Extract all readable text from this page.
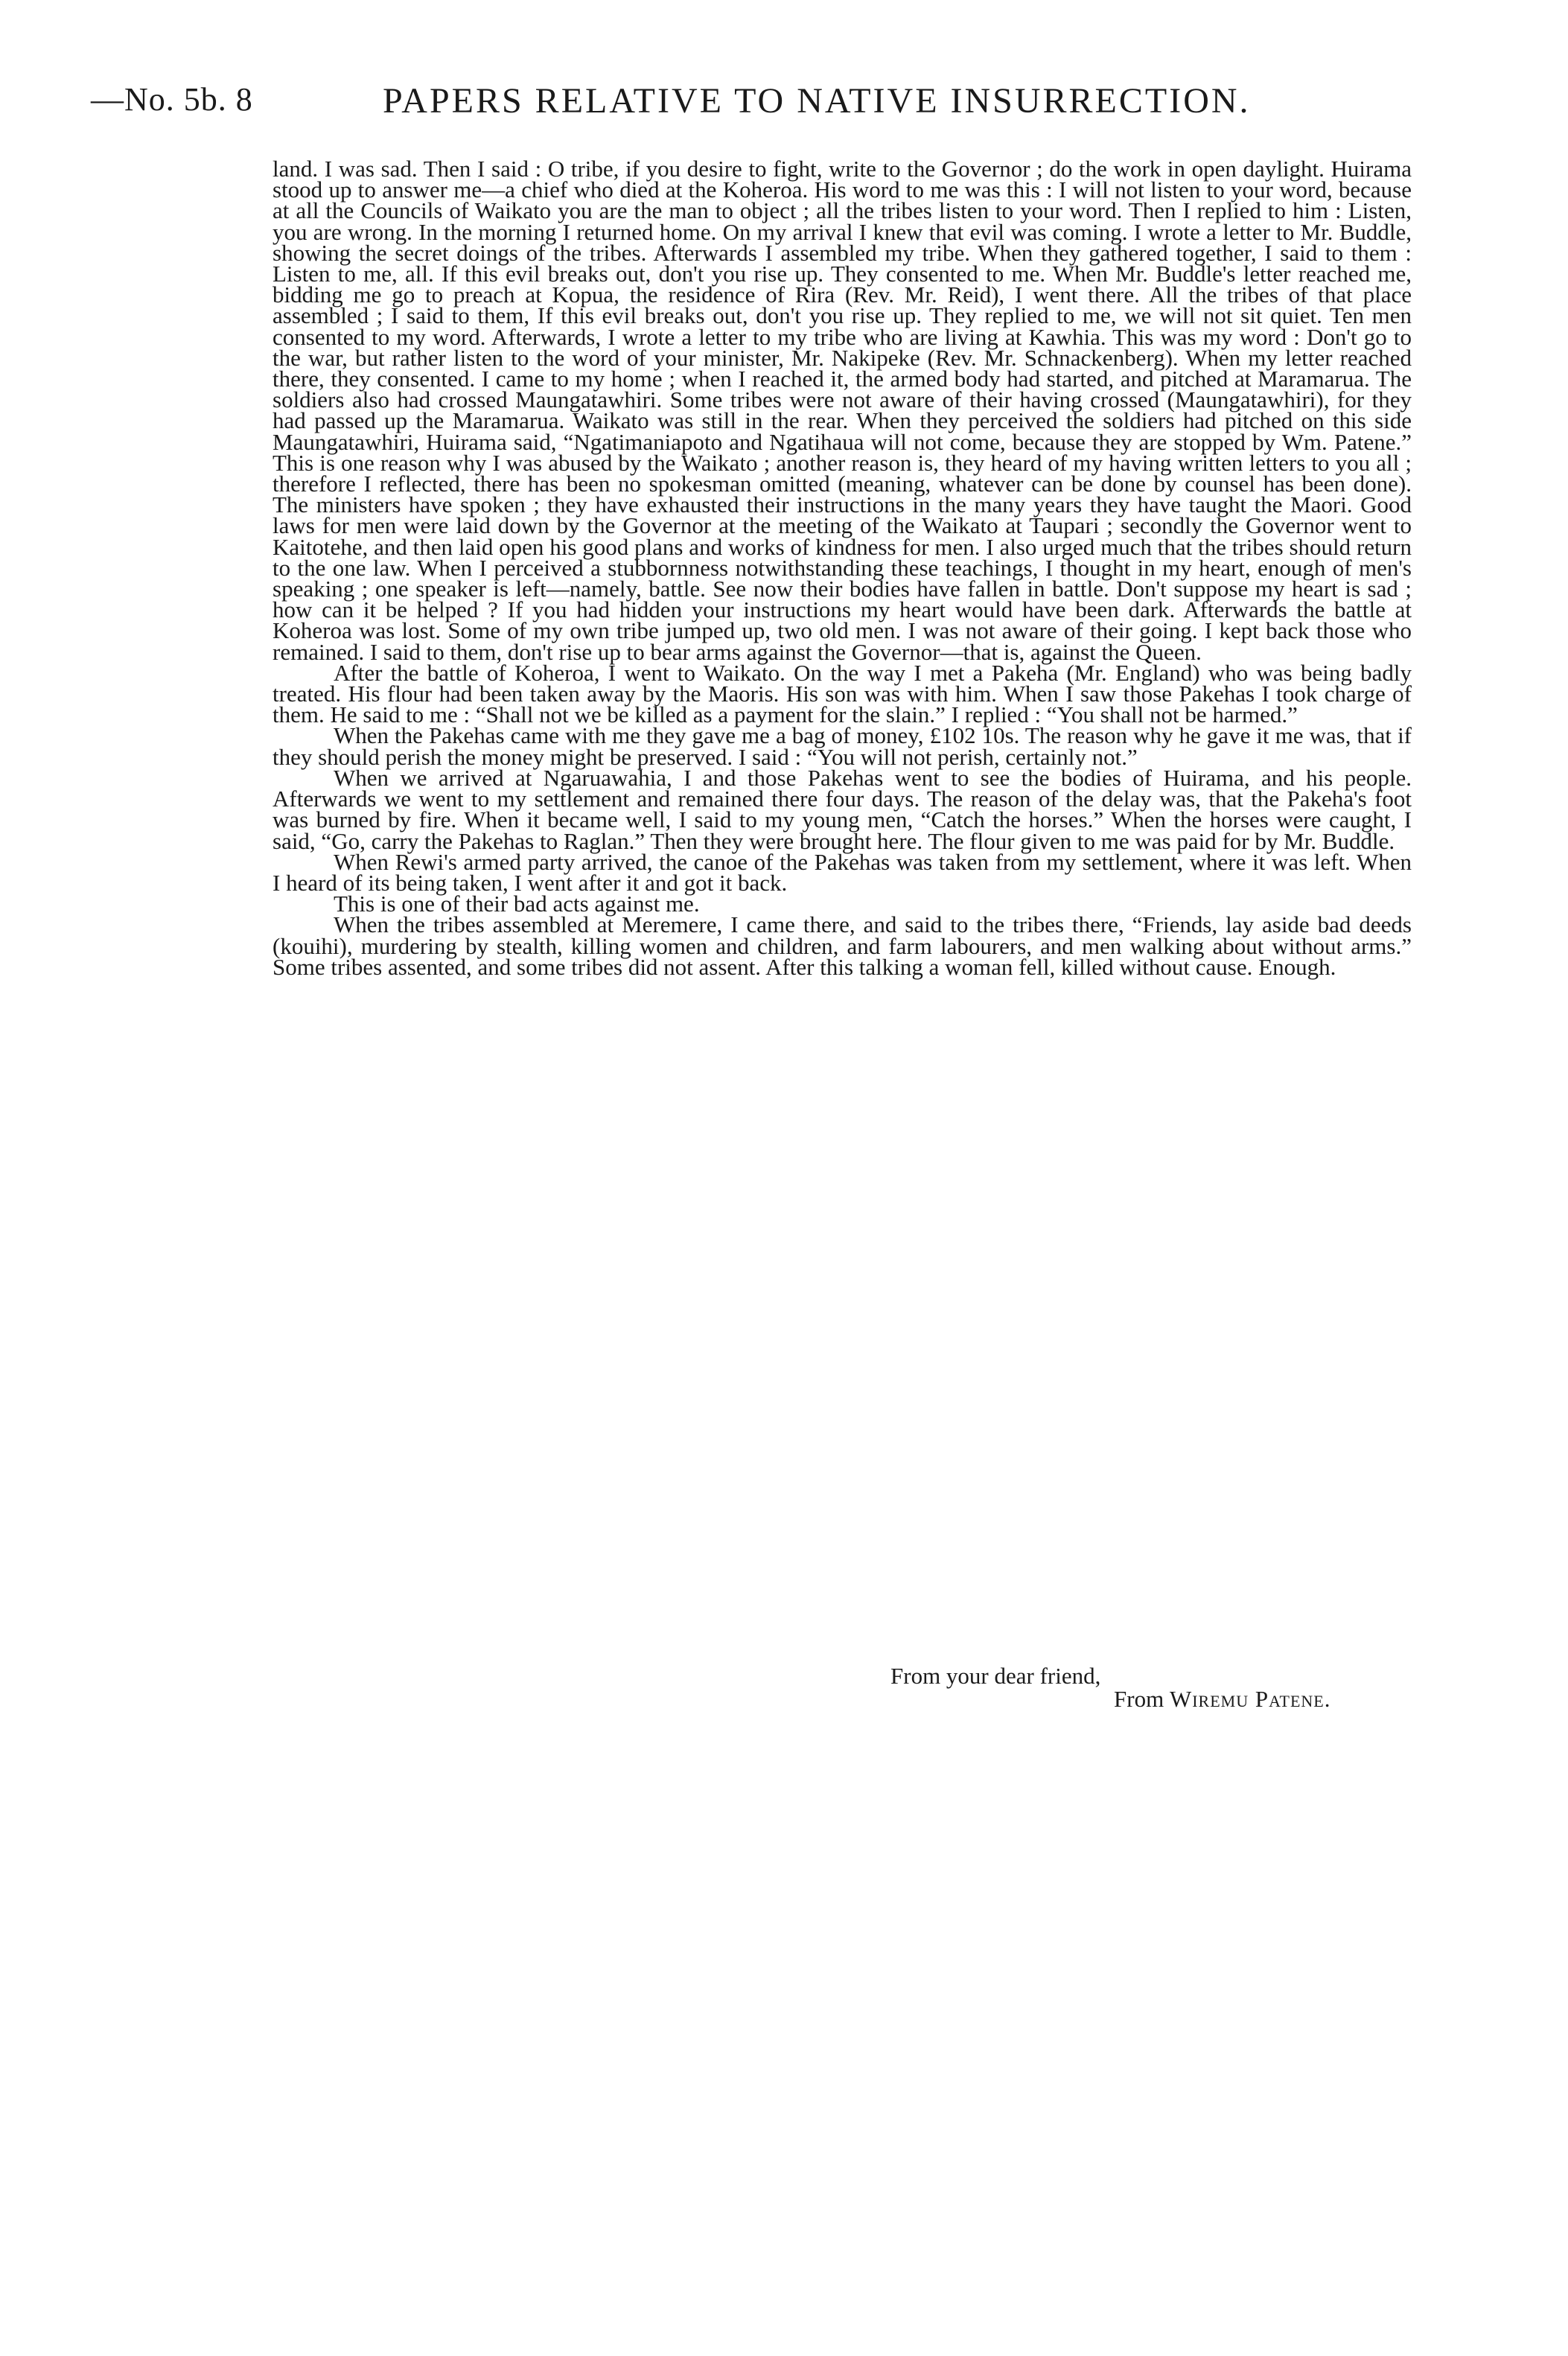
—No. 5b. 8	PAPERS RELATIVE TO NATIVE INSURRECTION.

land. I was sad. Then I said : O tribe, if you desire to fight, write to the Governor ; do the work in open daylight. Huirama stood up to answer me—a chief who died at the Koheroa. His word to me was this : I will not listen to your word, because at all the Councils of Waikato you are the man to object ; all the tribes listen to your word. Then I replied to him : Listen, you are wrong. In the morning I returned home. On my arrival I knew that evil was coming. I wrote a letter to Mr. Buddle, showing the secret doings of the tribes. Afterwards I assembled my tribe. When they gathered together, I said to them : Listen to me, all. If this evil breaks out, don't you rise up. They consented to me. When Mr. Buddle's letter reached me, bidding me go to preach at Kopua, the residence of Rira (Rev. Mr. Reid), I went there. All the tribes of that place assembled ; I said to them, If this evil breaks out, don't you rise up. They replied to me, we will not sit quiet. Ten men consented to my word. Afterwards, I wrote a letter to my tribe who are living at Kawhia. This was my word : Don't go to the war, but rather listen to the word of your minister, Mr. Nakipeke (Rev. Mr. Schnackenberg). When my letter reached there, they consented. I came to my home ; when I reached it, the armed body had started, and pitched at Maramarua. The soldiers also had crossed Maungatawhiri. Some tribes were not aware of their having crossed (Maungatawhiri), for they had passed up the Maramarua. Waikato was still in the rear. When they perceived the soldiers had pitched on this side Maungatawhiri, Huirama said, “Ngatimaniapoto and Ngatihaua will not come, because they are stopped by Wm. Patene.” This is one reason why I was abused by the Waikato ; another reason is, they heard of my having written letters to you all ; therefore I reflected, there has been no spokesman omitted (meaning, whatever can be done by counsel has been done). The ministers have spoken ; they have exhausted their instructions in the many years they have taught the Maori. Good laws for men were laid down by the Governor at the meeting of the Waikato at Taupari ; secondly the Governor went to Kaitotehe, and then laid open his good plans and works of kindness for men. I also urged much that the tribes should return to the one law. When I perceived a stubbornness notwithstanding these teachings, I thought in my heart, enough of men's speaking ; one speaker is left—namely, battle. See now their bodies have fallen in battle. Don't suppose my heart is sad ; how can it be helped ? If you had hidden your instructions my heart would have been dark. Afterwards the battle at Koheroa was lost. Some of my own tribe jumped up, two old men. I was not aware of their going. I kept back those who remained. I said to them, don't rise up to bear arms against the Governor—that is, against the Queen.

After the battle of Koheroa, I went to Waikato. On the way I met a Pakeha (Mr. England) who was being badly treated. His flour had been taken away by the Maoris. His son was with him. When I saw those Pakehas I took charge of them. He said to me : “Shall not we be killed as a payment for the slain.” I replied : “You shall not be harmed.”

When the Pakehas came with me they gave me a bag of money, £102 10s. The reason why he gave it me was, that if they should perish the money might be preserved. I said : “You will not perish, certainly not.”

When we arrived at Ngaruawahia, I and those Pakehas went to see the bodies of Huirama, and his people. Afterwards we went to my settlement and remained there four days. The reason of the delay was, that the Pakeha's foot was burned by fire. When it became well, I said to my young men, “Catch the horses.” When the horses were caught, I said, “Go, carry the Pakehas to Raglan.” Then they were brought here. The flour given to me was paid for by Mr. Buddle.

When Rewi's armed party arrived, the canoe of the Pakehas was taken from my settlement, where it was left. When I heard of its being taken, I went after it and got it back.

This is one of their bad acts against me.

When the tribes assembled at Meremere, I came there, and said to the tribes there, “Friends, lay aside bad deeds (kouihi), murdering by stealth, killing women and children, and farm labourers, and men walking about without arms.” Some tribes assented, and some tribes did not assent. After this talking a woman fell, killed without cause. Enough.

From your dear friend,
From Wiremu Patene.
